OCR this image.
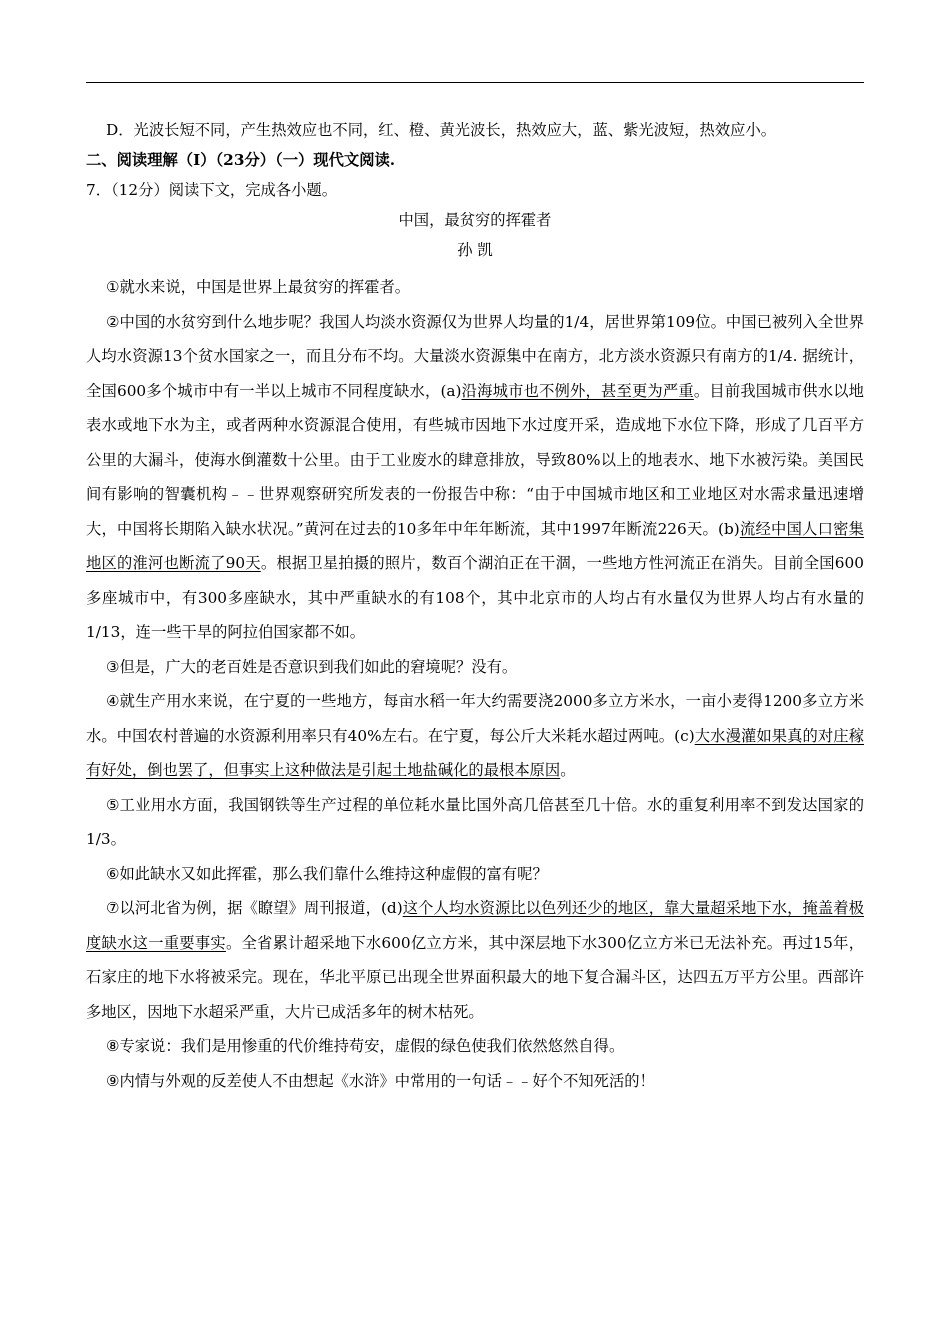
D．光波长短不同，产生热效应也不同，红、橙、黄光波长，热效应大，蓝、紫光波短，热效应小。
二、阅读理解（Ⅰ）（23分）（一）现代文阅读.
7．（12分）阅读下文，完成各小题。
中国，最贫穷的挥霍者
孙 凯

①就水来说，中国是世界上最贫穷的挥霍者。

②中国的水贫穷到什么地步呢？我国人均淡水资源仅为世界人均量的1/4，居世界第109位。中国已被列入全世界人均水资源13个贫水国家之一，而且分布不均。大量淡水资源集中在南方，北方淡水资源只有南方的1/4. 据统计，全国600多个城市中有一半以上城市不同程度缺水，(a)沿海城市也不例外，甚至更为严重。目前我国城市供水以地表水或地下水为主，或者两种水资源混合使用，有些城市因地下水过度开采，造成地下水位下降，形成了几百平方公里的大漏斗，使海水倒灌数十公里。由于工业废水的肆意排放，导致80%以上的地表水、地下水被污染。美国民间有影响的智囊机构﹣﹣世界观察研究所发表的一份报告中称：“由于中国城市地区和工业地区对水需求量迅速增大，中国将长期陷入缺水状况。”黄河在过去的10多年中年年断流，其中1997年断流226天。(b)流经中国人口密集地区的淮河也断流了90天。根据卫星拍摄的照片，数百个湖泊正在干涸，一些地方性河流正在消失。目前全国600多座城市中，有300多座缺水，其中严重缺水的有108个，其中北京市的人均占有水量仅为世界人均占有水量的1/13，连一些干旱的阿拉伯国家都不如。

③但是，广大的老百姓是否意识到我们如此的窘境呢？没有。

④就生产用水来说，在宁夏的一些地方，每亩水稻一年大约需要浇2000多立方米水，一亩小麦得1200多立方米水。中国农村普遍的水资源利用率只有40%左右。在宁夏，每公斤大米耗水超过两吨。(c)大水漫灌如果真的对庄稼有好处，倒也罢了，但事实上这种做法是引起土地盐碱化的最根本原因。

⑤工业用水方面，我国钢铁等生产过程的单位耗水量比国外高几倍甚至几十倍。水的重复利用率不到发达国家的1/3。

⑥如此缺水又如此挥霍，那么我们靠什么维持这种虚假的富有呢？

⑦以河北省为例，据《瞭望》周刊报道，(d)这个人均水资源比以色列还少的地区，靠大量超采地下水，掩盖着极度缺水这一重要事实。全省累计超采地下水600亿立方米，其中深层地下水300亿立方米已无法补充。再过15年，石家庄的地下水将被采完。现在，华北平原已出现全世界面积最大的地下复合漏斗区，达四五万平方公里。西部许多地区，因地下水超采严重，大片已成活多年的树木枯死。

⑧专家说：我们是用惨重的代价维持苟安，虚假的绿色使我们依然悠然自得。

⑨内情与外观的反差使人不由想起《水浒》中常用的一句话﹣﹣好个不知死活的！
